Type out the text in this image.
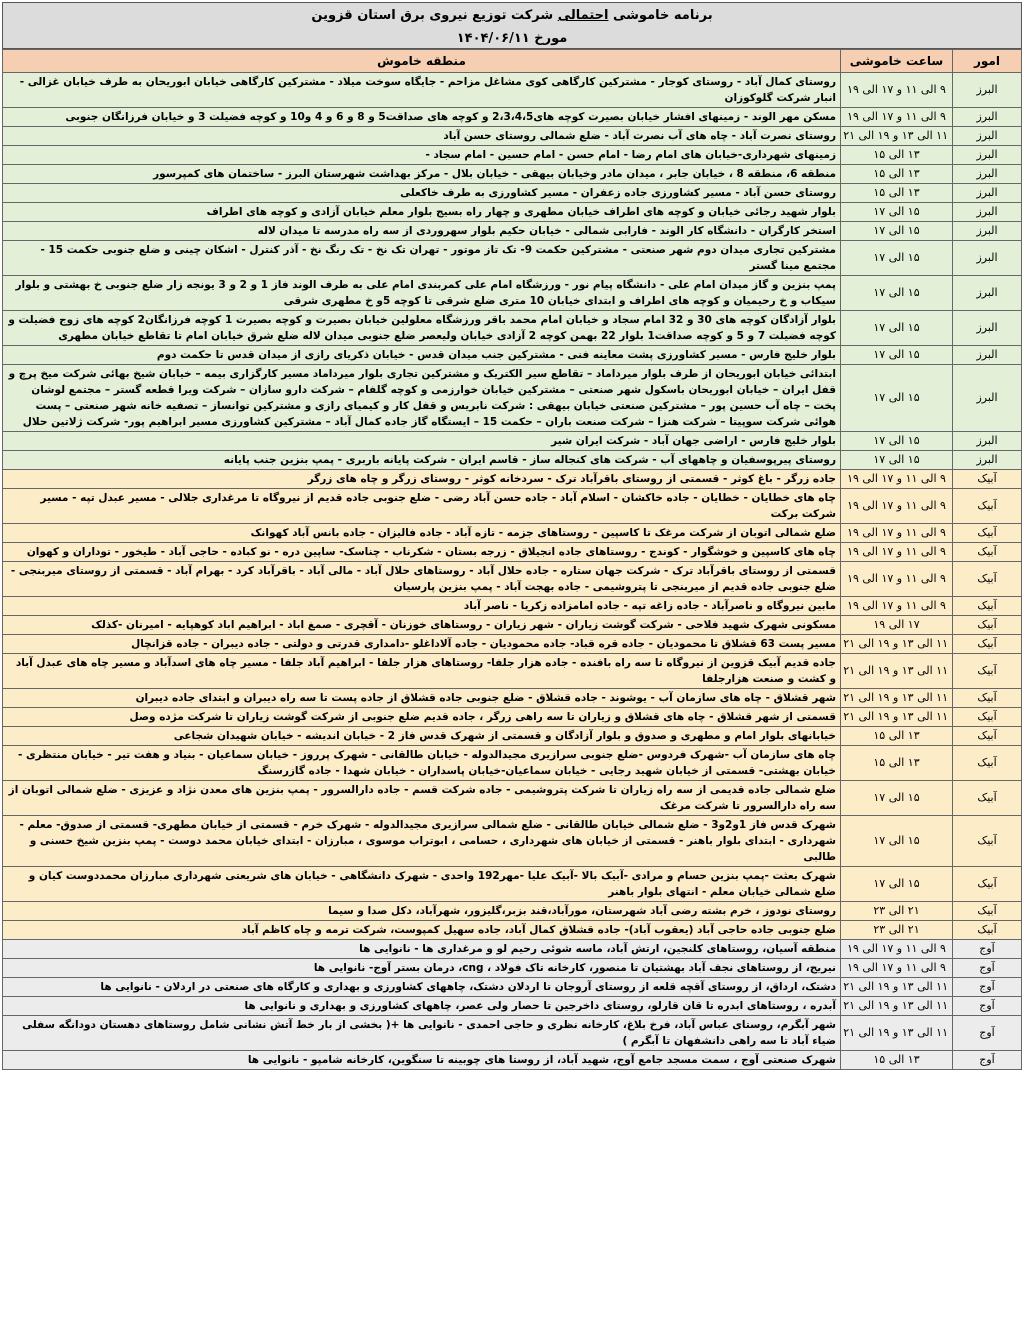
برنامه خاموشی احتمالی شرکت توزیع نیروی برق استان قزوین
مورخ ۱۴۰۴/۰۶/۱۱
امور	ساعت خاموشی	منطقه خاموش
البرز	۹ الی ۱۱ و ۱۷ الی ۱۹	روستای کمال آباد - روستای کوجار - مشترکین کارگاهی کوی مشاغل مزاحم - جایگاه سوخت میلاد - مشترکین کارگاهی خیابان ابوریحان به طرف خیابان غزالی - انبار شرکت گلوکوزان
البرز	۹ الی ۱۱ و ۱۷ الی ۱۹	مسکن مهر الوند - زمینهای افشار خیابان بصیرت کوچه های2،3،4،5 و کوچه های صداقت5 و 8 و 6 و 4 و10 و کوچه فضیلت 3 و خیابان فرزانگان جنوبی
البرز	۱۱ الی ۱۳ و ۱۹ الی ۲۱	روستای نصرت آباد - چاه های آب نصرت آباد - ضلع شمالی روستای حسن آباد
البرز	۱۳ الی ۱۵	زمینهای شهرداری-خیابان های امام رضا - امام حسن - امام حسین - امام سجاد -
البرز	۱۳ الی ۱۵	منطقه 6، منطقه 8 ، خیابان جابر ، میدان مادر وخیابان بیهقی - خیابان بلال - مرکز بهداشت شهرستان البرز - ساختمان های کمپرسور
البرز	۱۳ الی ۱۵	روستای حسن آباد - مسیر کشاورزی جاده زعفران - مسیر کشاورزی به طرف خاکعلی
البرز	۱۵ الی ۱۷	بلوار شهید رجائی خیابان و کوچه های اطراف خیابان مطهری و چهار راه بسیج بلوار معلم خیابان آزادی و کوچه های اطراف
البرز	۱۵ الی ۱۷	استخر کارگران - دانشگاه کار الوند - فارابی شمالی - خیابان حکیم بلوار سهروردی از سه راه مدرسه تا میدان لاله
البرز	۱۵ الی ۱۷	مشترکین تجاری میدان دوم شهر صنعتی - مشترکین حکمت 9- تک تاز موتور - تهران تک نخ - تک رنگ نخ - آذر کنترل - اشکان چینی و ضلع جنوبی حکمت 15 - مجتمع مینا گستر
البرز	۱۵ الی ۱۷	پمپ بنزین و گاز میدان امام علی - دانشگاه پیام نور - ورزشگاه امام علی کمربندی امام علی به طرف الوند فاز 1 و 2 و 3 یونجه زار ضلع جنوبی خ بهشتی و بلوار سیکاب و خ رحیمیان و کوچه های اطراف و ابتدای خیابان 10 متری ضلع شرقی تا کوچه 5و خ مطهری شرقی
البرز	۱۵ الی ۱۷	بلوار آزادگان کوچه های 30 و 32 امام سجاد و خیابان امام محمد باقر ورزشگاه معلولین خیابان بصیرت و کوچه بصیرت 1 کوچه فرزانگان2 کوچه های زوج فضیلت و کوچه فضیلت 7 و 5 و کوچه صداقت1 بلوار 22 بهمن کوچه 2 آزادی خیابان ولیعصر ضلع جنوبی میدان لاله ضلع شرق خیابان امام تا تقاطع خیابان مطهری
البرز	۱۵ الی ۱۷	بلوار خلیج فارس - مسیر کشاورزی پشت معاینه فنی - مشترکین جنب میدان قدس - خیابان ذکریای رازی از میدان قدس تا حکمت دوم
البرز	۱۵ الی ۱۷	ابتدائی خیابان ابوریحان از طرف بلوار میرداماد – تقاطع سیر الکتریک و مشترکین تجاری بلوار میرداماد مسیر کارگزاری بیمه – خیابان شیخ بهائی شرکت میخ پرچ و قفل ایران – خیابان ابوریحان باسکول شهر صنعتی – مشترکین خیابان خوارزمی و کوچه گلفام – شرکت دارو سازان – شرکت ویرا قطعه گستر – مجتمع لوشان پخت – چاه آب حسین پور – مشترکین صنعتی خیابان بیهقی : شرکت نابریس و قفل کار و کیمیای رازی و مشترکین توانساز – تصفیه خانه شهر صنعتی – پست هوائی شرکت سوپیتا – شرکت هنزا – شرکت صنعت باران – حکمت 15 – ایستگاه گاز جاده کمال آباد – مشترکین کشاورزی مسیر ابراهیم پور- شرکت ژلاتین حلال
البرز	۱۵ الی ۱۷	بلوار خلیج فارس - اراضی جهان آباد - شرکت ایران شیر
البرز	۱۵ الی ۱۷	روستای پیرپوسفیان و چاههای آب - شرکت های کنجاله ساز - قاسم ایران - شرکت پایانه باربری - پمپ بنزین جنب پایانه
آبیک	۹ الی ۱۱ و ۱۷ الی ۱۹	جاده زرگر - باغ کوثر - قسمتی از روستای باقرآباد ترک - سردخانه کوثر - روستای زرگر و چاه های زرگر
آبیک	۹ الی ۱۱ و ۱۷ الی ۱۹	چاه های خطایان - خطایان - جاده خاکشان - اسلام آباد - جاده حسن آباد رضی - ضلع جنوبی جاده قدیم از نیروگاه تا مرغداری جلالی - مسیر عبدل تپه - مسیر شرکت برکت
آبیک	۹ الی ۱۱ و ۱۷ الی ۱۹	ضلع شمالی اتوبان از شرکت مرغک تا کاسپین - روستاهای جزمه - تازه آباد - جاده فالیزان - جاده بانس آباد کهوانک
آبیک	۹ الی ۱۱ و ۱۷ الی ۱۹	چاه های کاسپین و خوشگوار - کوندج - روستاهای جاده انجیلاق - زرجه بستان - شکرناب - چناسک- ساپین دره - نو کباده - حاجی آباد - طیخور - توداران و کهوان
آبیک	۹ الی ۱۱ و ۱۷ الی ۱۹	قسمتی از روستای باقرآباد ترک - شرکت جهان ستاره - جاده حلال آباد - روستاهای حلال آباد - مالی آباد - باقرآباد کرد - بهرام آباد - قسمتی از روستای میربنجی - ضلع جنوبی جاده قدیم از میربنجی تا پتروشیمی - جاده بهجت آباد - پمپ بنزین پارسیان
آبیک	۹ الی ۱۱ و ۱۷ الی ۱۹	مابین نیروگاه و ناصرآباد - جاده زاغه تپه - جاده امامزاده زکریا - ناصر آباد
آبیک	۱۷ الی ۱۹	مسکونی شهرک شهید فلاحی - شرکت گوشت زیاران - شهر زیاران - روستاهای خوزنان - آقچری - صمغ اباد - ابراهیم اباد کوهپایه - امیرنان -کذلک
آبیک	۱۱ الی ۱۳ و ۱۹ الی ۲۱	مسیر پست 63 قشلاق تا محمودیان - جاده قره قباد- جاده محمودیان - جاده آلاداغلو -دامداری قدرتی و دولتی - جاده دیبران - جاده قزانچال
آبیک	۱۱ الی ۱۳ و ۱۹ الی ۲۱	جاده قدیم آبیک قزوین از نیروگاه تا سه راه بافنده - جاده هزار جلفا- روستاهای هزار جلفا - ابراهیم آباد جلفا - مسیر چاه های اسدآباد و مسیر چاه های عبدل آباد و کشت و صنعت هزارجلفا
آبیک	۱۱ الی ۱۳ و ۱۹ الی ۲۱	شهر قشلاق - چاه های سازمان آب - یوشوند - جاده قشلاق - ضلع جنوبی جاده قشلاق از جاده پست تا سه راه دیبران و ابتدای جاده دیبران
آبیک	۱۱ الی ۱۳ و ۱۹ الی ۲۱	قسمتی از شهر قشلاق - چاه های قشلاق و زیاران تا سه راهی زرگر ، جاده قدیم ضلع جنوبی از شرکت گوشت زیاران تا شرکت مژده وصل
آبیک	۱۳ الی ۱۵	خیابانهای بلوار امام و مطهری و صدوق و بلوار آزادگان و قسمتی از شهرک قدس فاز 2 - خیابان اندیشه - خیابان شهیدان شجاعی
آبیک	۱۳ الی ۱۵	چاه های سازمان آب -شهرک فردوس -ضلع جنوبی سرازیری مجیدالدوله - خیابان طالقانی - شهرک پرروز - خیابان سماعیان - بنیاد و هفت تیر - خیابان منتظری - خیابان بهشتی- قسمتی از خیابان شهید رجایی - خیابان سماعیان-خیابان پاسداران - خیابان شهدا - جاده گازرسنگ
آبیک	۱۵ الی ۱۷	ضلع شمالی جاده قدیمی از سه راه زیاران تا شرکت پتروشیمی - جاده شرکت قسم - جاده دارالسرور - پمپ بنزین های معدن نژاد و عزیزی - ضلع شمالی اتوبان از سه راه دارالسرور تا شرکت مرغک
آبیک	۱۵ الی ۱۷	شهرک قدس فاز 1و2و3 - ضلع شمالی خیابان طالقانی - ضلع شمالی سرازیری مجیدالدوله - شهرک خرم - قسمتی از خیابان مطهری- قسمتی از صدوق- معلم - شهرداری - ابتدای بلوار باهنر - قسمتی از خیابان های شهرداری ، حسامی ، ابوتراب موسوی ، مبارزان - ابتدای خیابان محمد دوست - پمپ بنزین شیخ حسنی و طالبی
آبیک	۱۵ الی ۱۷	شهرک بعثت -پمپ بنزین حسام و مرادی -آبیک بالا -آبیک علیا -مهر192 واحدی - شهرک دانشگاهی - خیابان های شریعتی شهرداری مبارزان محمددوست کیان و ضلع شمالی خیابان معلم - انتهای بلوار باهنر
آبیک	۲۱ الی ۲۳	روستای نودوز ، خرم بشته رضی آباد شهرستان، مورآباد،قند بزبر،گلیزور، شهرآباد، دکل صدا و سیما
آبیک	۲۱ الی ۲۳	ضلع جنوبی جاده حاجی آباد (یعقوب آباد)- جاده قشلاق کمال آباد، جاده سهیل کمپوست، شرکت ترمه و چاه کاظم آباد
آوج	۹ الی ۱۱ و ۱۷ الی ۱۹	منطقه آسیان، روستاهای کلنجین، ارتش آباد، ماسه شوئی رحیم لو و مرغداری ها - نانوایی ها
آوج	۹ الی ۱۱ و ۱۷ الی ۱۹	نیریج، از روستاهای نجف آباد بهشتیان تا منصور، کارخانه تاک فولاد ، cng، درمان بستر آوج- نانوایی ها
آوج	۱۱ الی ۱۳ و ۱۹ الی ۲۱	دشتک، ارداق، از روستای آقچه قلعه از روستای آروجان تا اردلان دشتک، چاههای کشاورزی و بهداری و کارگاه های صنعتی در اردلان - نانوایی ها
آوج	۱۱ الی ۱۳ و ۱۹ الی ۲۱	آبدره ، روستاهای ابدره تا قان قارلو، روستای داخرجین تا حصار ولی عصر، چاههای کشاورزی و بهداری و نانوایی ها
آوج	۱۱ الی ۱۳ و ۱۹ الی ۲۱	شهر آبگرم، روستای عباس آباد، فرخ بلاغ، کارخانه نظری و حاجی احمدی - نانوایی ها +( بخشی از بار خط آتش نشانی شامل روستاهای دهستان دودانگه سفلی ضیاء آباد تا سه راهی دانشفهان تا آبگرم )
آوج	۱۳ الی ۱۵	شهرک صنعتی آوج ، سمت مسجد جامع آوج، شهید آباد، از روستا های چوبینه تا سنگوین، کارخانه شامپو - نانوایی ها
